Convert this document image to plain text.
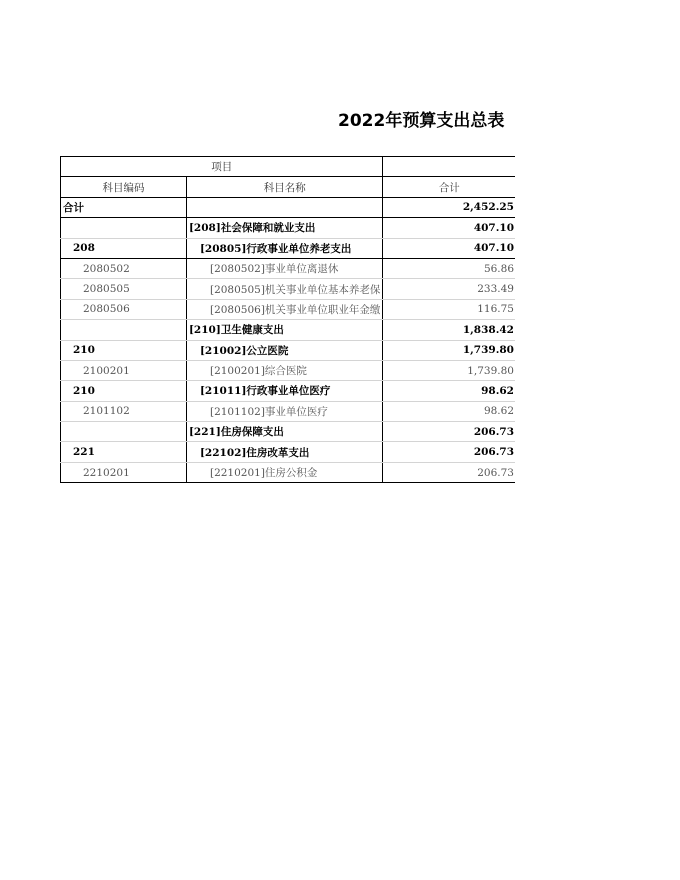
2022年预算支出总表
项目		
科目编码	科目名称	合计
合计		2,452.25
	[208]社会保障和就业支出	407.10
208	[20805]行政事业单位养老支出	407.10
2080502	[2080502]事业单位离退休	56.86
2080505	[2080505]机关事业单位基本养老保	233.49
2080506	[2080506]机关事业单位职业年金缴	116.75
	[210]卫生健康支出	1,838.42
210	[21002]公立医院	1,739.80
2100201	[2100201]综合医院	1,739.80
210	[21011]行政事业单位医疗	98.62
2101102	[2101102]事业单位医疗	98.62
	[221]住房保障支出	206.73
221	[22102]住房改革支出	206.73
2210201	[2210201]住房公积金	206.73
